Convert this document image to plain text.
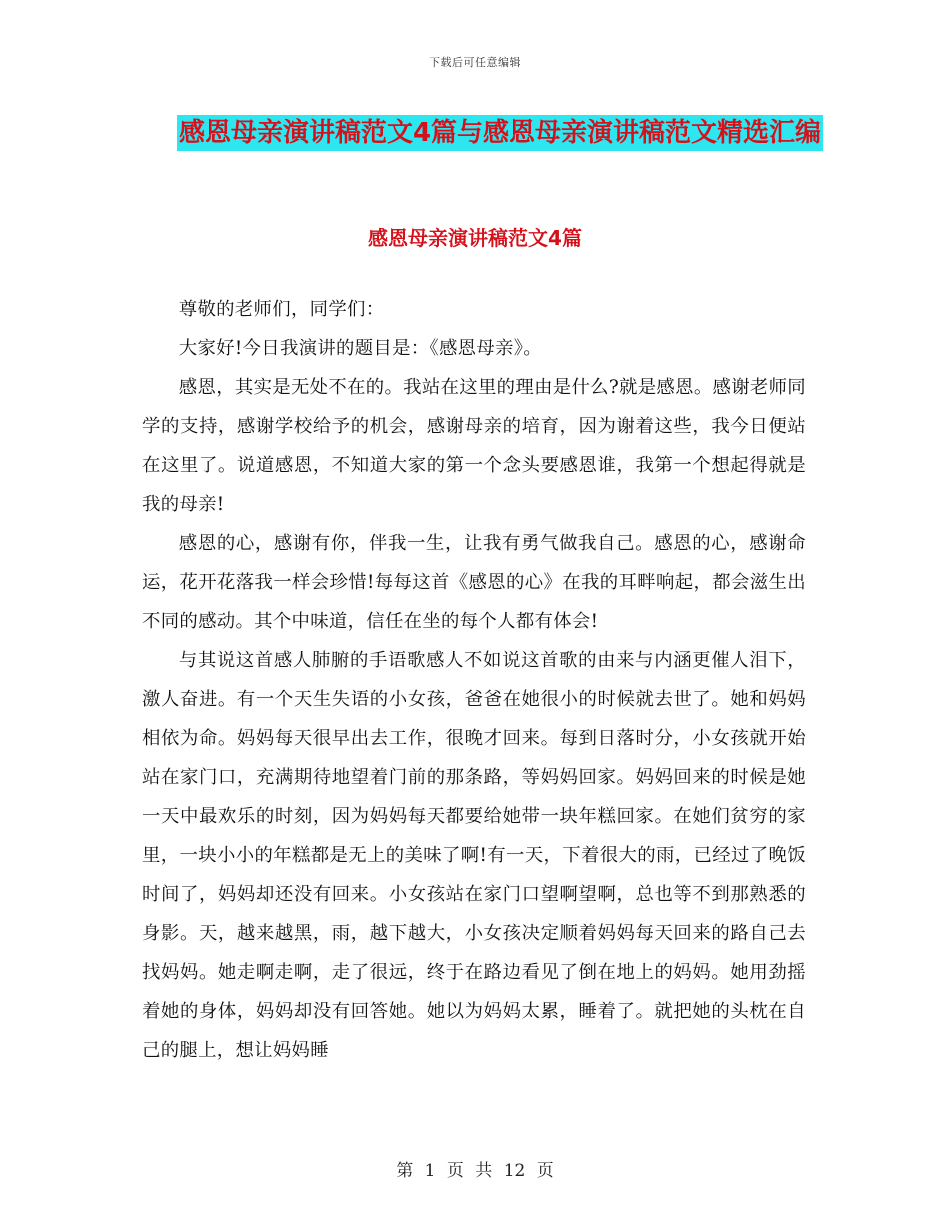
下载后可任意编辑
感恩母亲演讲稿范文4篇与感恩母亲演讲稿范文精选汇编
感恩母亲演讲稿范文4篇

尊敬的老师们，同学们：

大家好!今日我演讲的题目是：《感恩母亲》。

感恩，其实是无处不在的。我站在这里的理由是什么?就是感恩。感谢老师同学的支持，感谢学校给予的机会，感谢母亲的培育，因为谢着这些，我今日便站在这里了。说道感恩，不知道大家的第一个念头要感恩谁，我第一个想起得就是我的母亲!

感恩的心，感谢有你，伴我一生，让我有勇气做我自己。感恩的心，感谢命运，花开花落我一样会珍惜!每每这首《感恩的心》在我的耳畔响起，都会滋生出不同的感动。其个中味道，信任在坐的每个人都有体会!

与其说这首感人肺腑的手语歌感人不如说这首歌的由来与内涵更催人泪下，激人奋进。有一个天生失语的小女孩，爸爸在她很小的时候就去世了。她和妈妈相依为命。妈妈每天很早出去工作，很晚才回来。每到日落时分，小女孩就开始站在家门口，充满期待地望着门前的那条路，等妈妈回家。妈妈回来的时候是她一天中最欢乐的时刻，因为妈妈每天都要给她带一块年糕回家。在她们贫穷的家里，一块小小的年糕都是无上的美味了啊!有一天，下着很大的雨，已经过了晚饭时间了，妈妈却还没有回来。小女孩站在家门口望啊望啊，总也等不到那熟悉的身影。天，越来越黑，雨，越下越大，小女孩决定顺着妈妈每天回来的路自己去找妈妈。她走啊走啊，走了很远，终于在路边看见了倒在地上的妈妈。她用劲摇着她的身体，妈妈却没有回答她。她以为妈妈太累，睡着了。就把她的头枕在自己的腿上，想让妈妈睡

第 1 页 共 12 页
